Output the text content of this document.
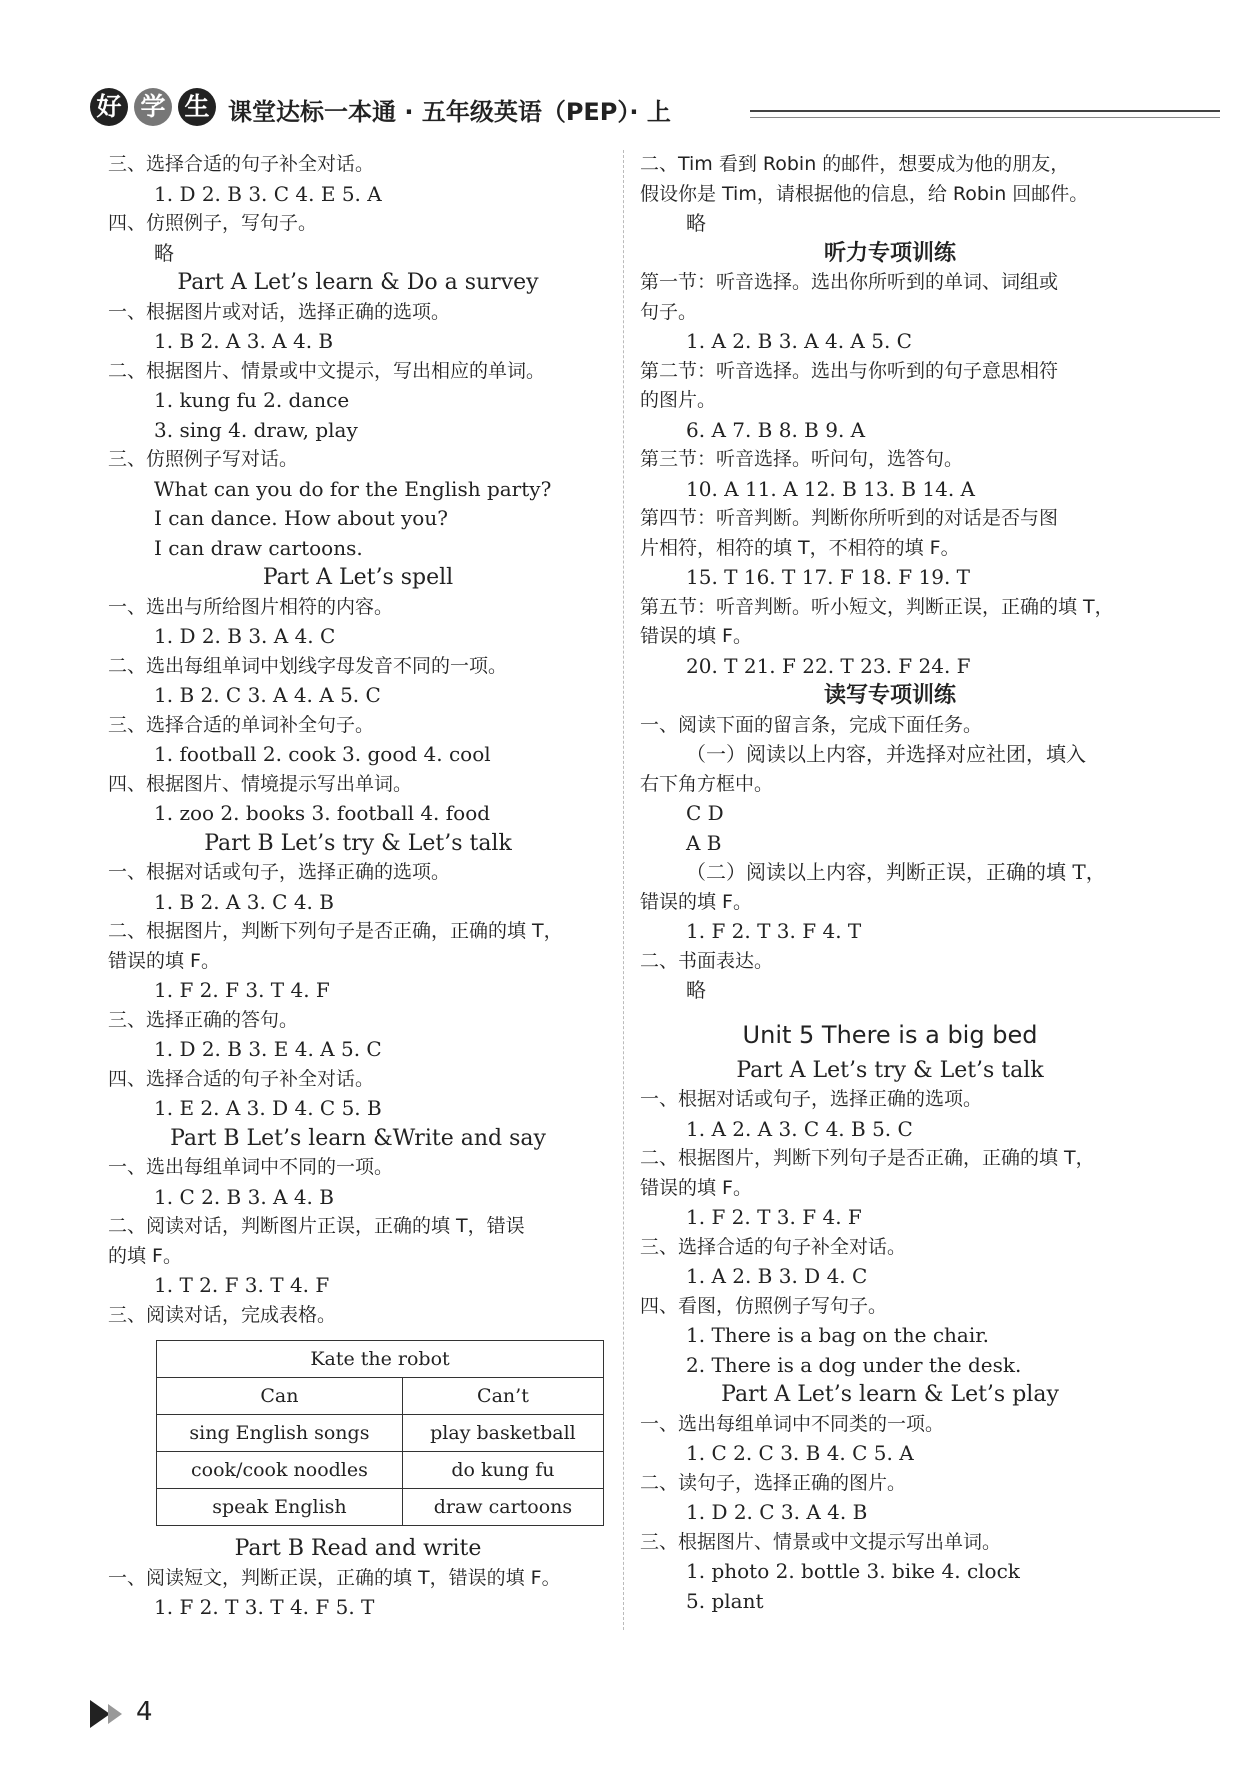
好 学 生 课堂达标一本通 · 五年级英语（PEP）· 上
三、选择合适的句子补全对话。
1. D 2. B 3. C 4. E 5. A
四、仿照例子，写句子。
略
Part A Let’s learn & Do a survey
一、根据图片或对话，选择正确的选项。
1. B 2. A 3. A 4. B
二、根据图片、情景或中文提示，写出相应的单词。
1. kung fu 2. dance
3. sing 4. draw, play
三、仿照例子写对话。
What can you do for the English party?
I can dance. How about you?
I can draw cartoons.
Part A Let’s spell
一、选出与所给图片相符的内容。
1. D 2. B 3. A 4. C
二、选出每组单词中划线字母发音不同的一项。
1. B 2. C 3. A 4. A 5. C
三、选择合适的单词补全句子。
1. football 2. cook 3. good 4. cool
四、根据图片、情境提示写出单词。
1. zoo 2. books 3. football 4. food
Part B Let’s try & Let’s talk
一、根据对话或句子，选择正确的选项。
1. B 2. A 3. C 4. B
二、根据图片，判断下列句子是否正确，正确的填 T，
错误的填 F。
1. F 2. F 3. T 4. F
三、选择正确的答句。
1. D 2. B 3. E 4. A 5. C
四、选择合适的句子补全对话。
1. E 2. A 3. D 4. C 5. B
Part B Let’s learn &Write and say
一、选出每组单词中不同的一项。
1. C 2. B 3. A 4. B
二、阅读对话，判断图片正误，正确的填 T，错误
的填 F。
1. T 2. F 3. T 4. F
三、阅读对话，完成表格。
Kate the robot	
Can	Can’t
sing English songs	play basketball
cook/cook noodles	do kung fu
speak English	draw cartoons
Part B Read and write
一、阅读短文，判断正误，正确的填 T，错误的填 F。
1. F 2. T 3. T 4. F 5. T
二、Tim 看到 Robin 的邮件，想要成为他的朋友，
假设你是 Tim，请根据他的信息，给 Robin 回邮件。
略
听力专项训练
第一节：听音选择。选出你所听到的单词、词组或
句子。
1. A 2. B 3. A 4. A 5. C
第二节：听音选择。选出与你听到的句子意思相符
的图片。
6. A 7. B 8. B 9. A
第三节：听音选择。听问句，选答句。
10. A 11. A 12. B 13. B 14. A
第四节：听音判断。判断你所听到的对话是否与图
片相符，相符的填 T，不相符的填 F。
15. T 16. T 17. F 18. F 19. T
第五节：听音判断。听小短文，判断正误，正确的填 T，
错误的填 F。
20. T 21. F 22. T 23. F 24. F
读写专项训练
一、阅读下面的留言条，完成下面任务。
（一）阅读以上内容，并选择对应社团，填入
右下角方框中。
C D
A B
（二）阅读以上内容，判断正误，正确的填 T，
错误的填 F。
1. F 2. T 3. F 4. T
二、书面表达。
略
Unit 5 There is a big bed
Part A Let’s try & Let’s talk
一、根据对话或句子，选择正确的选项。
1. A 2. A 3. C 4. B 5. C
二、根据图片，判断下列句子是否正确，正确的填 T，
错误的填 F。
1. F 2. T 3. F 4. F
三、选择合适的句子补全对话。
1. A 2. B 3. D 4. C
四、看图，仿照例子写句子。
1. There is a bag on the chair.
2. There is a dog under the desk.
Part A Let’s learn & Let’s play
一、选出每组单词中不同类的一项。
1. C 2. C 3. B 4. C 5. A
二、读句子，选择正确的图片。
1. D 2. C 3. A 4. B
三、根据图片、情景或中文提示写出单词。
1. photo 2. bottle 3. bike 4. clock
5. plant
4
